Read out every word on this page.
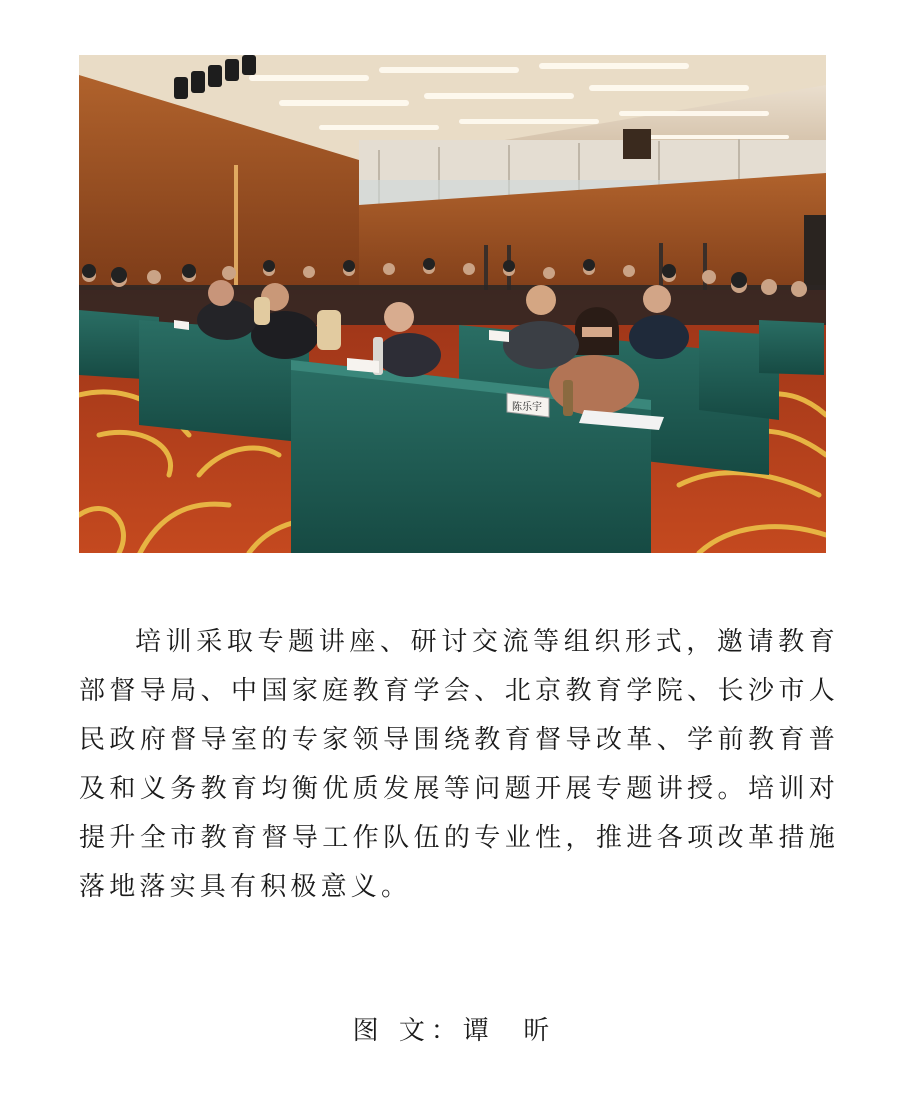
陈乐宇

培训采取专题讲座、研讨交流等组织形式，邀请教育部督导局、中国家庭教育学会、北京教育学院、长沙市人民政府督导室的专家领导围绕教育督导改革、学前教育普及和义务教育均衡优质发展等问题开展专题讲授。培训对提升全市教育督导工作队伍的专业性，推进各项改革措施落地落实具有积极意义。

图 文：谭  昕
